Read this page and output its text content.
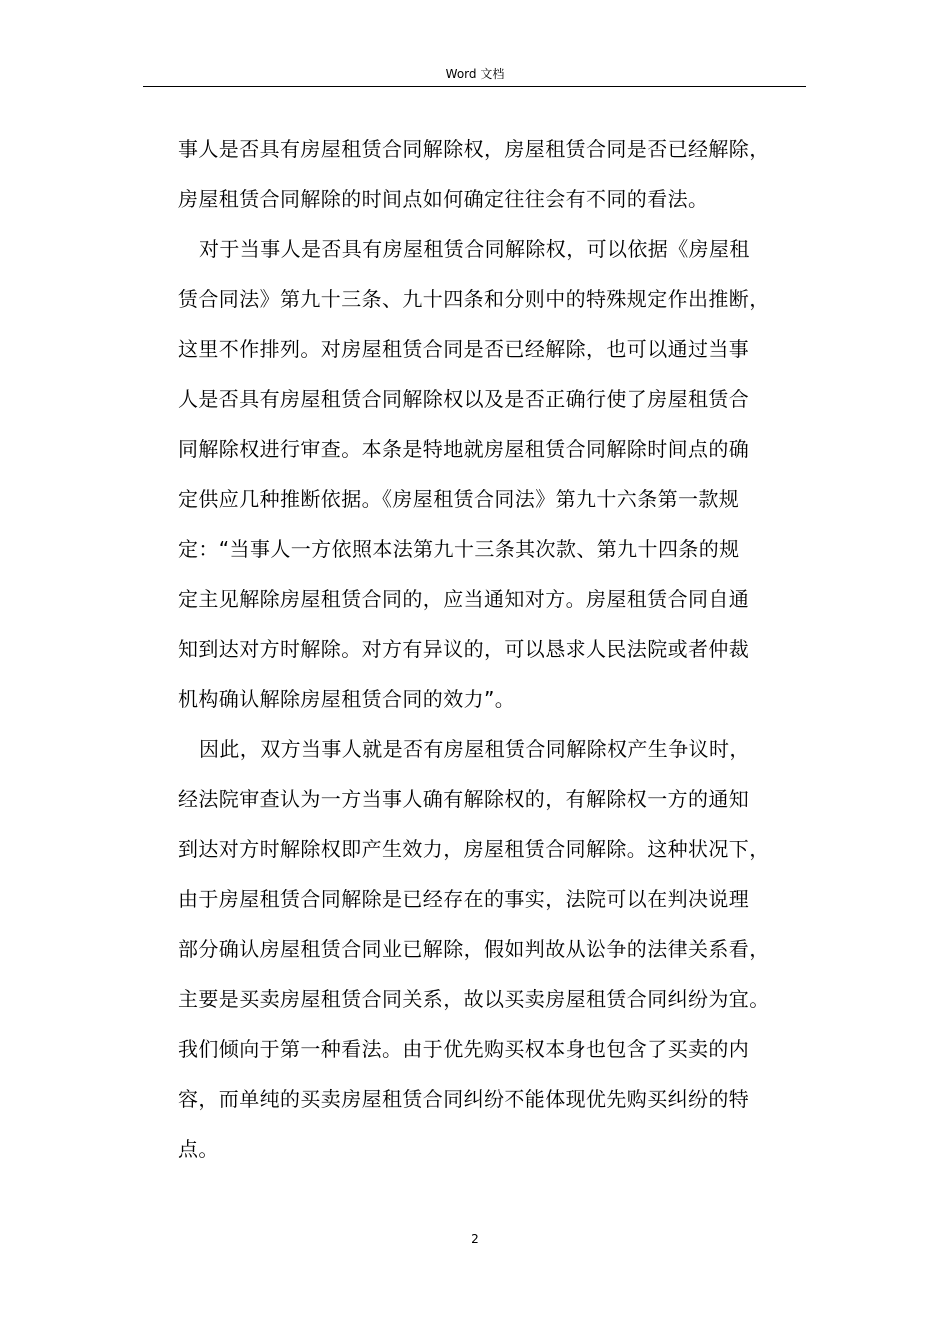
Word 文档
事人是否具有房屋租赁合同解除权，房屋租赁合同是否已经解除，
房屋租赁合同解除的时间点如何确定往往会有不同的看法。
对于当事人是否具有房屋租赁合同解除权，可以依据《房屋租
赁合同法》第九十三条、九十四条和分则中的特殊规定作出推断，
这里不作排列。对房屋租赁合同是否已经解除，也可以通过当事
人是否具有房屋租赁合同解除权以及是否正确行使了房屋租赁合
同解除权进行审查。本条是特地就房屋租赁合同解除时间点的确
定供应几种推断依据。《房屋租赁合同法》第九十六条第一款规
定：“当事人一方依照本法第九十三条其次款、第九十四条的规
定主见解除房屋租赁合同的，应当通知对方。房屋租赁合同自通
知到达对方时解除。对方有异议的，可以恳求人民法院或者仲裁
机构确认解除房屋租赁合同的效力”。
因此，双方当事人就是否有房屋租赁合同解除权产生争议时，
经法院审查认为一方当事人确有解除权的，有解除权一方的通知
到达对方时解除权即产生效力，房屋租赁合同解除。这种状况下，
由于房屋租赁合同解除是已经存在的事实，法院可以在判决说理
部分确认房屋租赁合同业已解除，假如判故从讼争的法律关系看，
主要是买卖房屋租赁合同关系，故以买卖房屋租赁合同纠纷为宜。
我们倾向于第一种看法。由于优先购买权本身也包含了买卖的内
容，而单纯的买卖房屋租赁合同纠纷不能体现优先购买纠纷的特
点。
2
